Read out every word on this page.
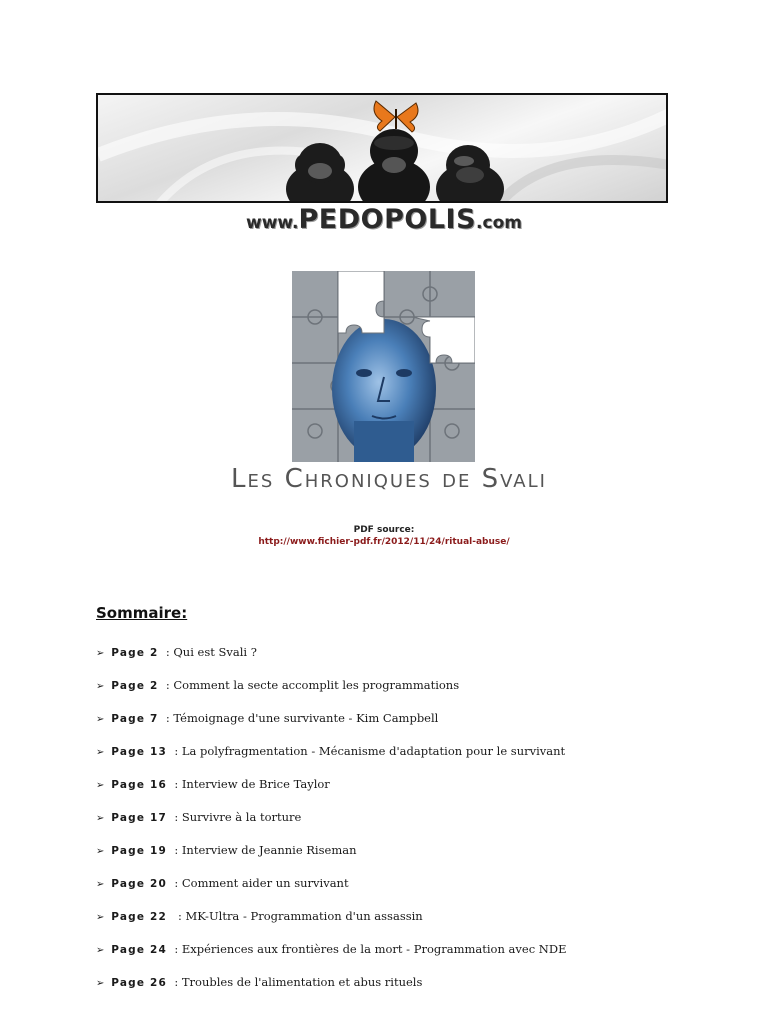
www.PEDOPOLIS.com
Les Chroniques de Svali
PDF source:
http://www.fichier-pdf.fr/2012/11/24/ritual-abuse/
Sommaire:
➢ Page 2  : Qui est Svali ?
➢ Page 2  : Comment la secte accomplit les programmations
➢ Page 7  : Témoignage d'une survivante - Kim Campbell
➢ Page 13  : La polyfragmentation - Mécanisme d'adaptation pour le survivant
➢ Page 16  : Interview de Brice Taylor
➢ Page 17  : Survivre à la torture
➢ Page 19  : Interview de Jeannie Riseman
➢ Page 20  : Comment aider un survivant
➢ Page 22   : MK-Ultra - Programmation d'un assassin
➢ Page 24  : Expériences aux frontières de la mort - Programmation avec NDE
➢ Page 26  : Troubles de l'alimentation et abus rituels
